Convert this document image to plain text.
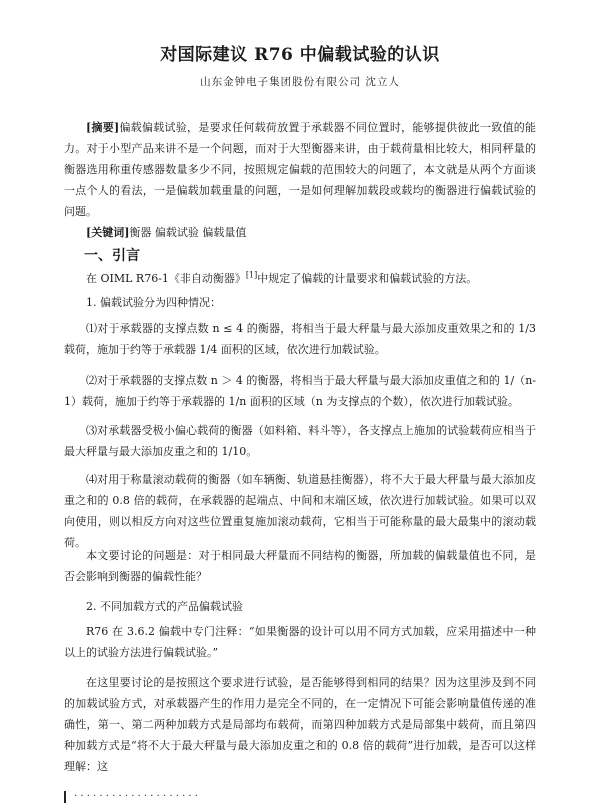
对国际建议 R76 中偏载试验的认识
山东金钟电子集团股份有限公司 沈立人
[摘要]偏载偏载试验，是要求任何载荷放置于承载器不同位置时，能够提供彼此一致值的能力。对于小型产品来讲不是一个问题，而对于大型衡器来讲，由于载荷量相比较大，相同秤量的衡器选用称重传感器数量多少不同，按照规定偏载的范围较大的问题了，本文就是从两个方面谈一点个人的看法，一是偏载加载重量的问题，一是如何理解加载段或载均的衡器进行偏载试验的问题。
[关键词]衡器 偏载试验 偏载量值
一、引言
在 OIML R76-1《非自动衡器》[1]中规定了偏载的计量要求和偏载试验的方法。
1. 偏载试验分为四种情况：
⑴对于承载器的支撑点数 n ≤ 4 的衡器，将相当于最大秤量与最大添加皮重效果之和的 1/3 载荷，施加于约等于承载器 1/4 面积的区域，依次进行加载试验。
⑵对于承载器的支撑点数 n ＞ 4 的衡器，将相当于最大秤量与最大添加皮重值之和的 1/（n-1）载荷，施加于约等于承载器的 1/n 面积的区域（n 为支撑点的个数），依次进行加载试验。
⑶对承载器受极小偏心载荷的衡器（如料箱、料斗等），各支撑点上施加的试验载荷应相当于最大秤量与最大添加皮重之和的 1/10。
⑷对用于称量滚动载荷的衡器（如车辆衡、轨道悬挂衡器），将不大于最大秤量与最大添加皮重之和的 0.8 倍的载荷，在承载器的起端点、中间和末端区域，依次进行加载试验。如果可以双向使用，则以相反方向对这些位置重复施加滚动载荷，它相当于可能称量的最大最集中的滚动载荷。
本文要讨论的问题是：对于相同最大秤量而不同结构的衡器，所加载的偏载量值也不同，是否会影响到衡器的偏载性能？
2. 不同加载方式的产品偏载试验
R76 在 3.6.2 偏载中专门注释：“如果衡器的设计可以用不同方式加载，应采用描述中一种以上的试验方法进行偏载试验。”
在这里要讨论的是按照这个要求进行试验，是否能够得到相同的结果？因为这里涉及到不同的加载试验方式，对承载器产生的作用力是完全不同的，在一定情况下可能会影响量值传递的准确性，第一、第二两种加载方式是局部均布载荷，而第四种加载方式是局部集中载荷，而且第四种加载方式是“将不大于最大秤量与最大添加皮重之和的 0.8 倍的载荷”进行加载，是否可以这样理解：这
· · · · · · · · · · · · · · · · · · · ·
